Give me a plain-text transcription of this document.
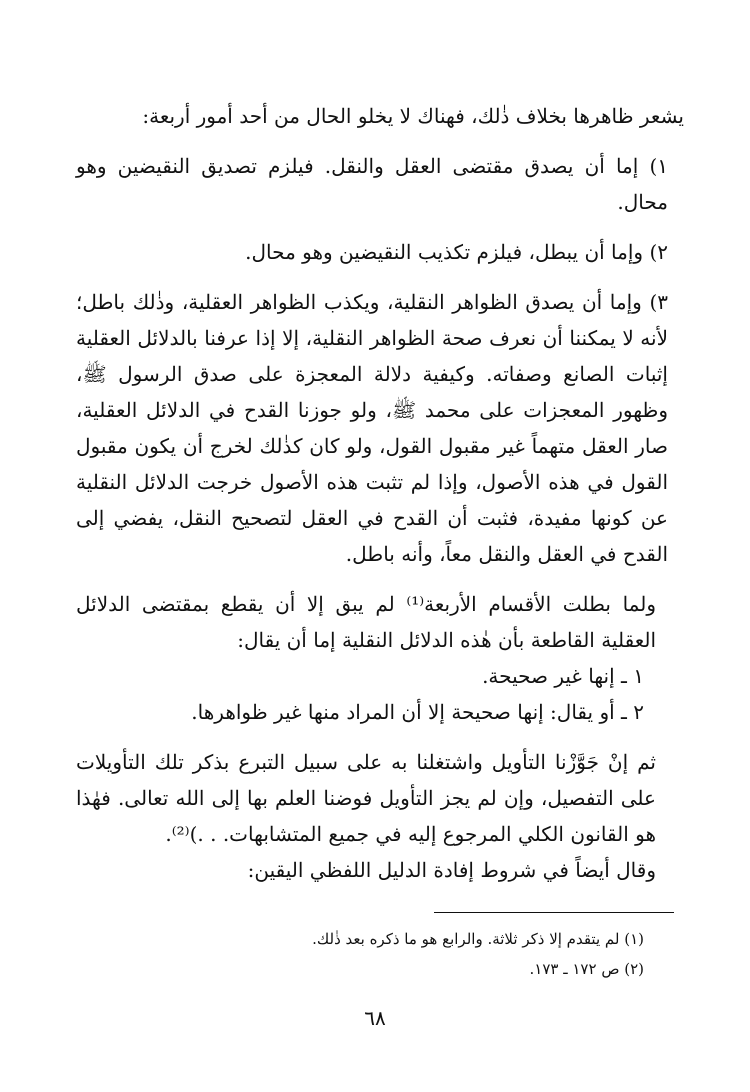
يشعر ظاهرها بخلاف ذٰلك، فهناك لا يخلو الحال من أحد أمور أربعة:

١) إما أن يصدق مقتضى العقل والنقل. فيلزم تصديق النقيضين وهو محال.

٢) وإما أن يبطل، فيلزم تكذيب النقيضين وهو محال.

٣) وإما أن يصدق الظواهر النقلية، ويكذب الظواهر العقلية، وذٰلك باطل؛ لأنه لا يمكننا أن نعرف صحة الظواهر النقلية، إلا إذا عرفنا بالدلائل العقلية إثبات الصانع وصفاته. وكيفية دلالة المعجزة على صدق الرسول ﷺ، وظهور المعجزات على محمد ﷺ، ولو جوزنا القدح في الدلائل العقلية، صار العقل متهماً غير مقبول القول، ولو كان كذٰلك لخرج أن يكون مقبول القول في هذه الأصول، وإذا لم تثبت هذه الأصول خرجت الدلائل النقلية عن كونها مفيدة، فثبت أن القدح في العقل لتصحيح النقل، يفضي إلى القدح في العقل والنقل معاً، وأنه باطل.

ولما بطلت الأقسام الأربعة⁽¹⁾ لم يبق إلا أن يقطع بمقتضى الدلائل العقلية القاطعة بأن هٰذه الدلائل النقلية إما أن يقال:

١ ـ إنها غير صحيحة.

٢ ـ أو يقال: إنها صحيحة إلا أن المراد منها غير ظواهرها.

ثم إنْ جَوَّزْنا التأويل واشتغلنا به على سبيل التبرع بذكر تلك التأويلات على التفصيل، وإن لم يجز التأويل فوضنا العلم بها إلى الله تعالى. فهٰذا هو القانون الكلي المرجوع إليه في جميع المتشابهات. . .)⁽²⁾.

وقال أيضاً في شروط إفادة الدليل اللفظي اليقين:

(١) لم يتقدم إلا ذكر ثلاثة. والرابع هو ما ذكره بعد ذٰلك.

(٢) ص ١٧٢ ـ ١٧٣.

٦٨
